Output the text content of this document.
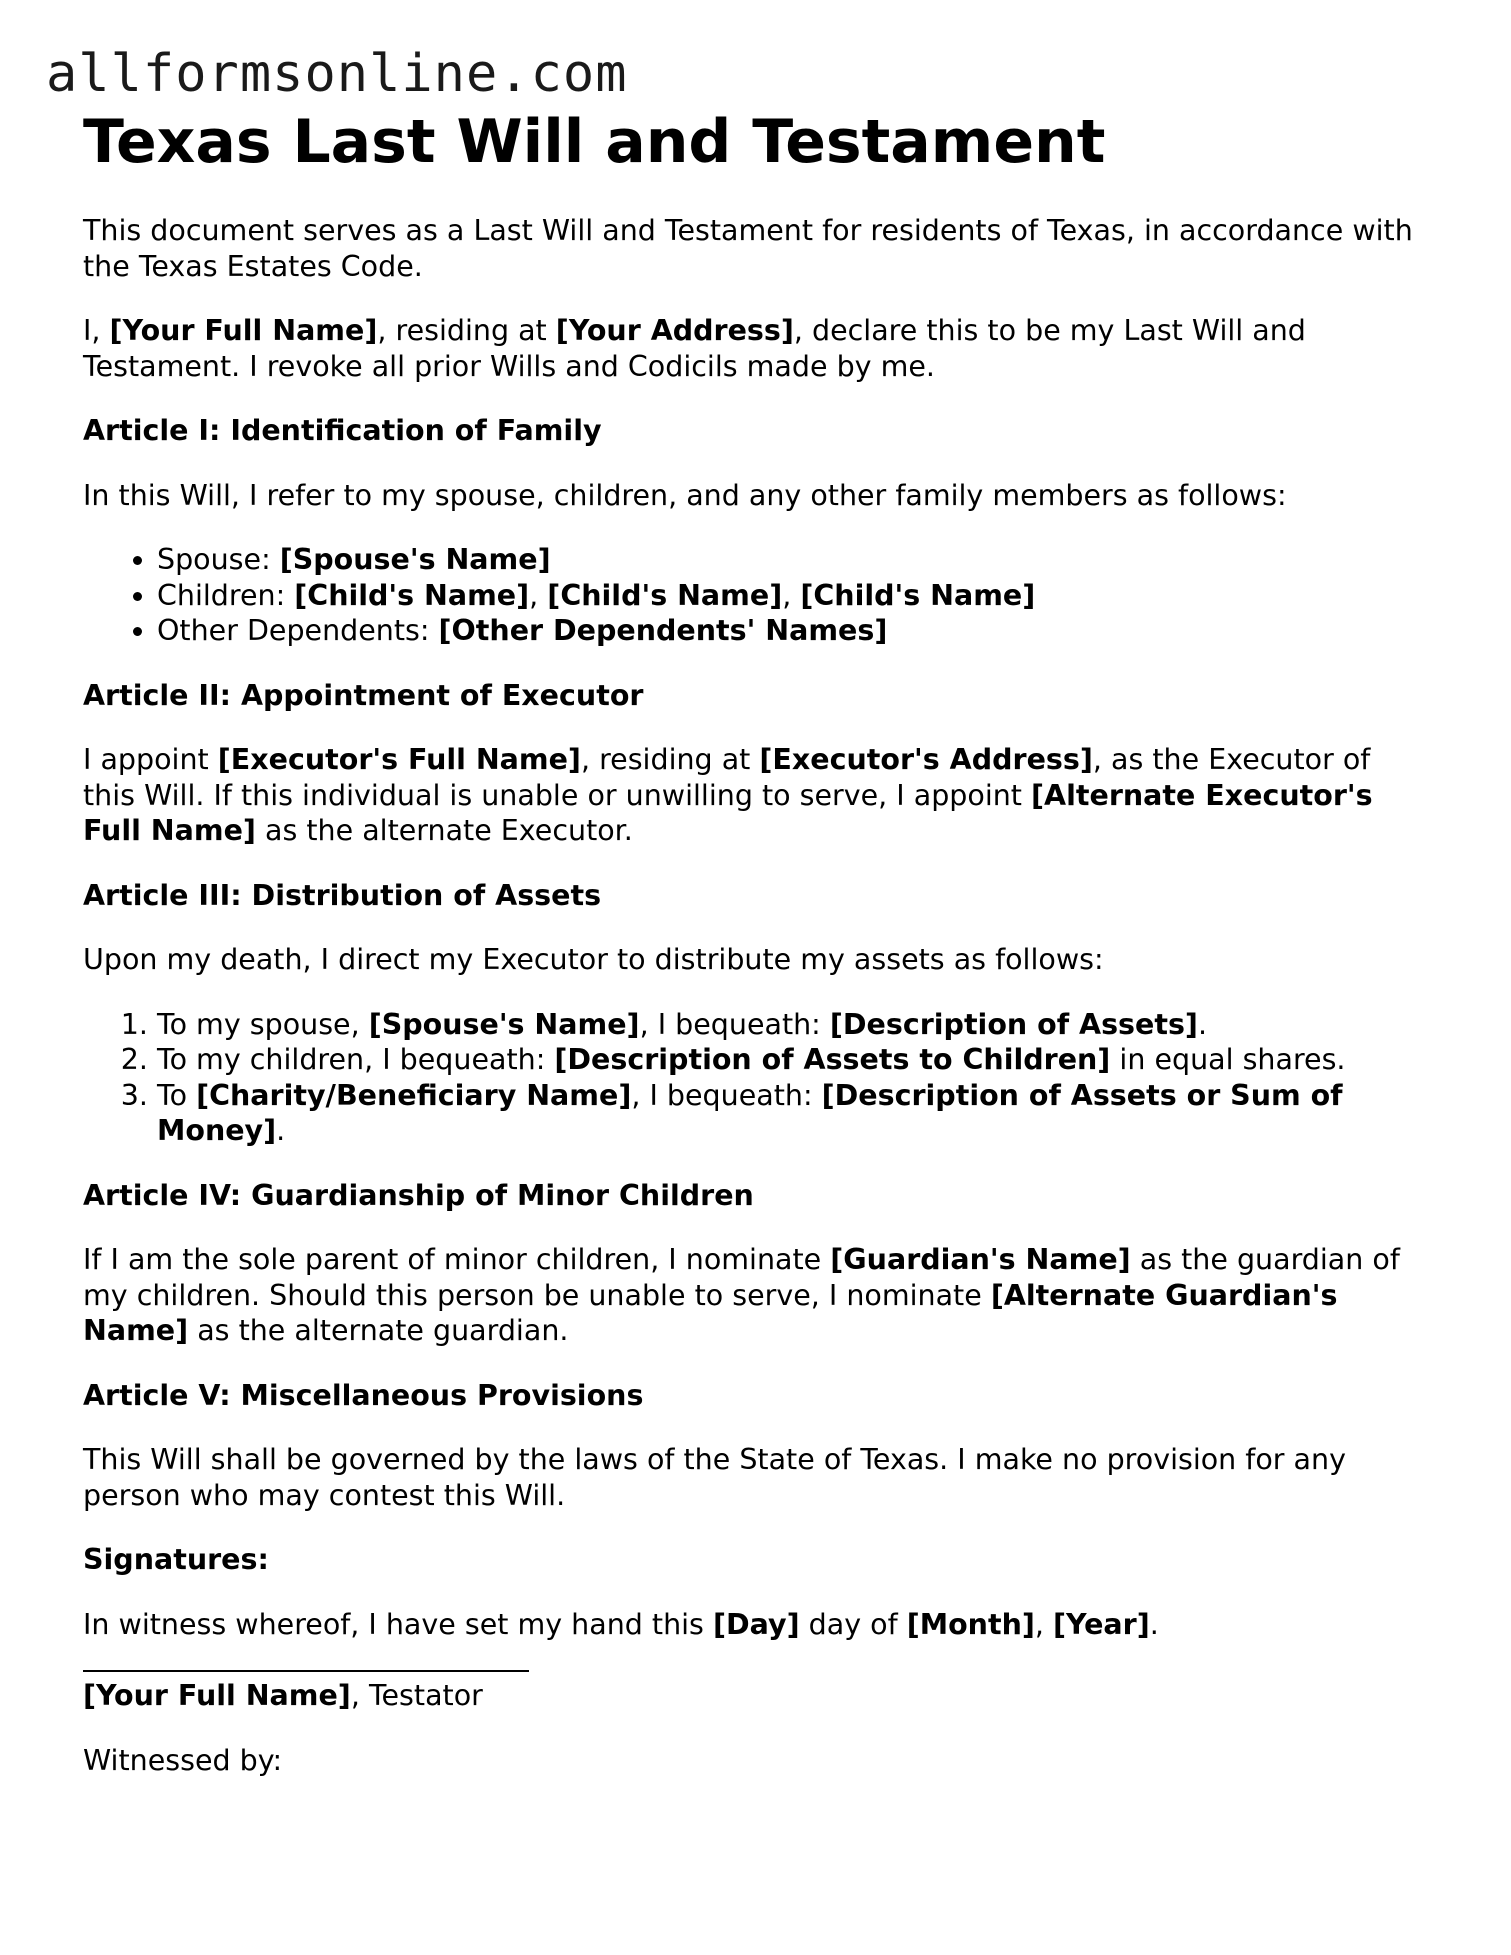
allformsonline.com
Texas Last Will and Testament

This document serves as a Last Will and Testament for residents of Texas, in accordance with the Texas Estates Code.

I, [Your Full Name], residing at [Your Address], declare this to be my Last Will and Testament. I revoke all prior Wills and Codicils made by me.

Article I: Identification of Family

In this Will, I refer to my spouse, children, and any other family members as follows:

• Spouse: [Spouse's Name]
• Children: [Child's Name], [Child's Name], [Child's Name]
• Other Dependents: [Other Dependents' Names]

Article II: Appointment of Executor

I appoint [Executor's Full Name], residing at [Executor's Address], as the Executor of this Will. If this individual is unable or unwilling to serve, I appoint [Alternate Executor's Full Name] as the alternate Executor.

Article III: Distribution of Assets

Upon my death, I direct my Executor to distribute my assets as follows:

1. To my spouse, [Spouse's Name], I bequeath: [Description of Assets].
2. To my children, I bequeath: [Description of Assets to Children] in equal shares.
3. To [Charity/Beneficiary Name], I bequeath: [Description of Assets or Sum of Money].

Article IV: Guardianship of Minor Children

If I am the sole parent of minor children, I nominate [Guardian's Name] as the guardian of my children. Should this person be unable to serve, I nominate [Alternate Guardian's Name] as the alternate guardian.

Article V: Miscellaneous Provisions

This Will shall be governed by the laws of the State of Texas. I make no provision for any person who may contest this Will.

Signatures:

In witness whereof, I have set my hand this [Day] day of [Month], [Year].

[Your Full Name], Testator

Witnessed by:
